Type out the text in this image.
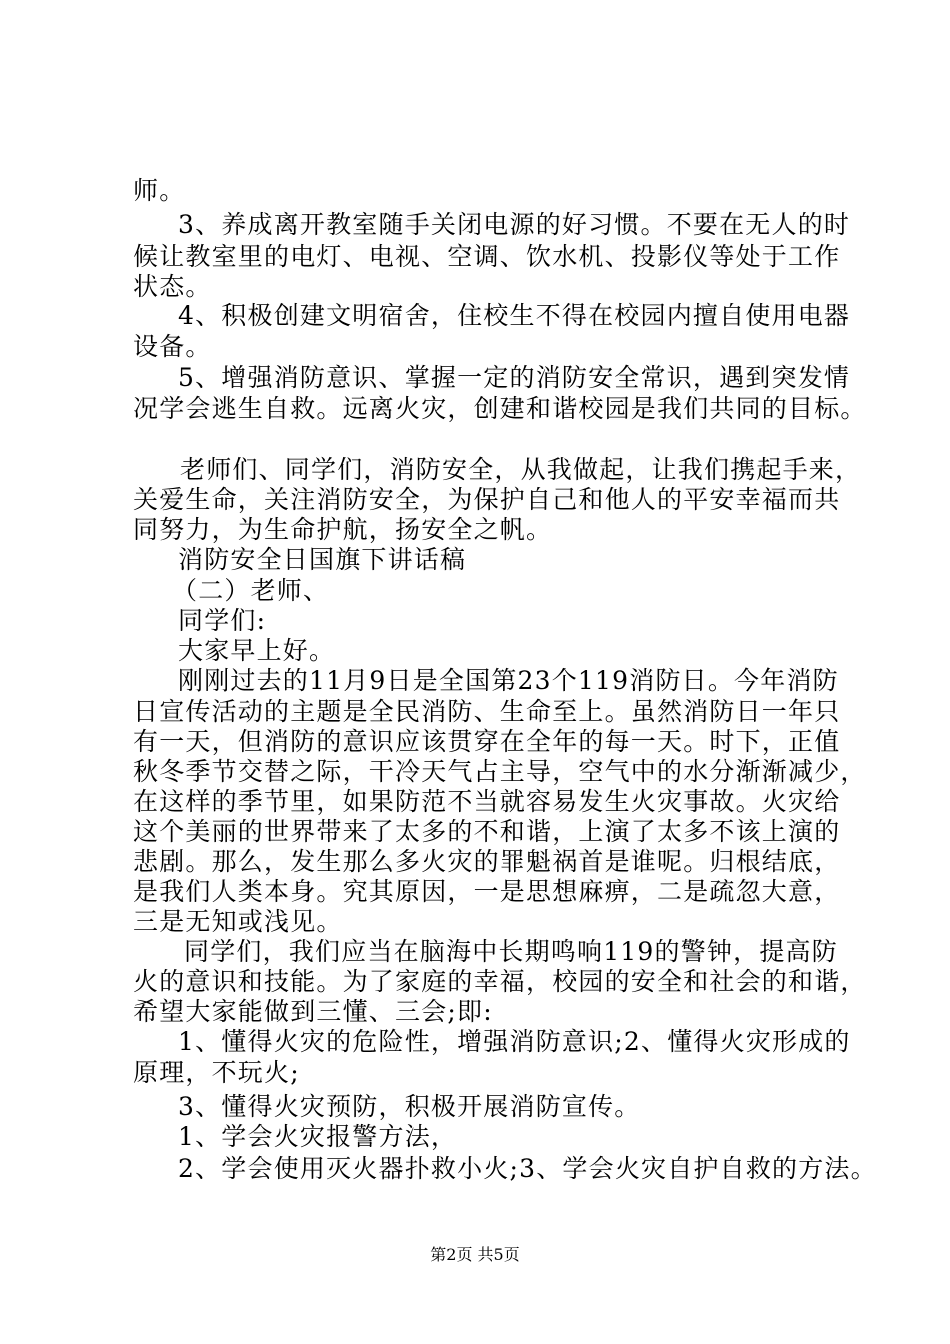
师。
3、养成离开教室随手关闭电源的好习惯。不要在无人的时
候让教室里的电灯、电视、空调、饮水机、投影仪等处于工作
状态。
4、积极创建文明宿舍，住校生不得在校园内擅自使用电器
设备。
5、增强消防意识、掌握一定的消防安全常识，遇到突发情
况学会逃生自救。远离火灾，创建和谐校园是我们共同的目标。
老师们、同学们，消防安全，从我做起，让我们携起手来，
关爱生命，关注消防安全，为保护自己和他人的平安幸福而共
同努力，为生命护航，扬安全之帆。
消防安全日国旗下讲话稿
（二）老师、
同学们:
大家早上好。
刚刚过去的11月9日是全国第23个119消防日。今年消防
日宣传活动的主题是全民消防、生命至上。虽然消防日一年只
有一天，但消防的意识应该贯穿在全年的每一天。时下，正值
秋冬季节交替之际，干冷天气占主导，空气中的水分渐渐减少，
在这样的季节里，如果防范不当就容易发生火灾事故。火灾给
这个美丽的世界带来了太多的不和谐，上演了太多不该上演的
悲剧。那么，发生那么多火灾的罪魁祸首是谁呢。归根结底，
是我们人类本身。究其原因，一是思想麻痹，二是疏忽大意，
三是无知或浅见。
同学们，我们应当在脑海中长期鸣响119的警钟，提高防
火的意识和技能。为了家庭的幸福，校园的安全和社会的和谐，
希望大家能做到三懂、三会;即:
1、懂得火灾的危险性，增强消防意识;2、懂得火灾形成的
原理，不玩火;
3、懂得火灾预防，积极开展消防宣传。
1、学会火灾报警方法，
2、学会使用灭火器扑救小火;3、学会火灾自护自救的方法。
第2页 共5页
